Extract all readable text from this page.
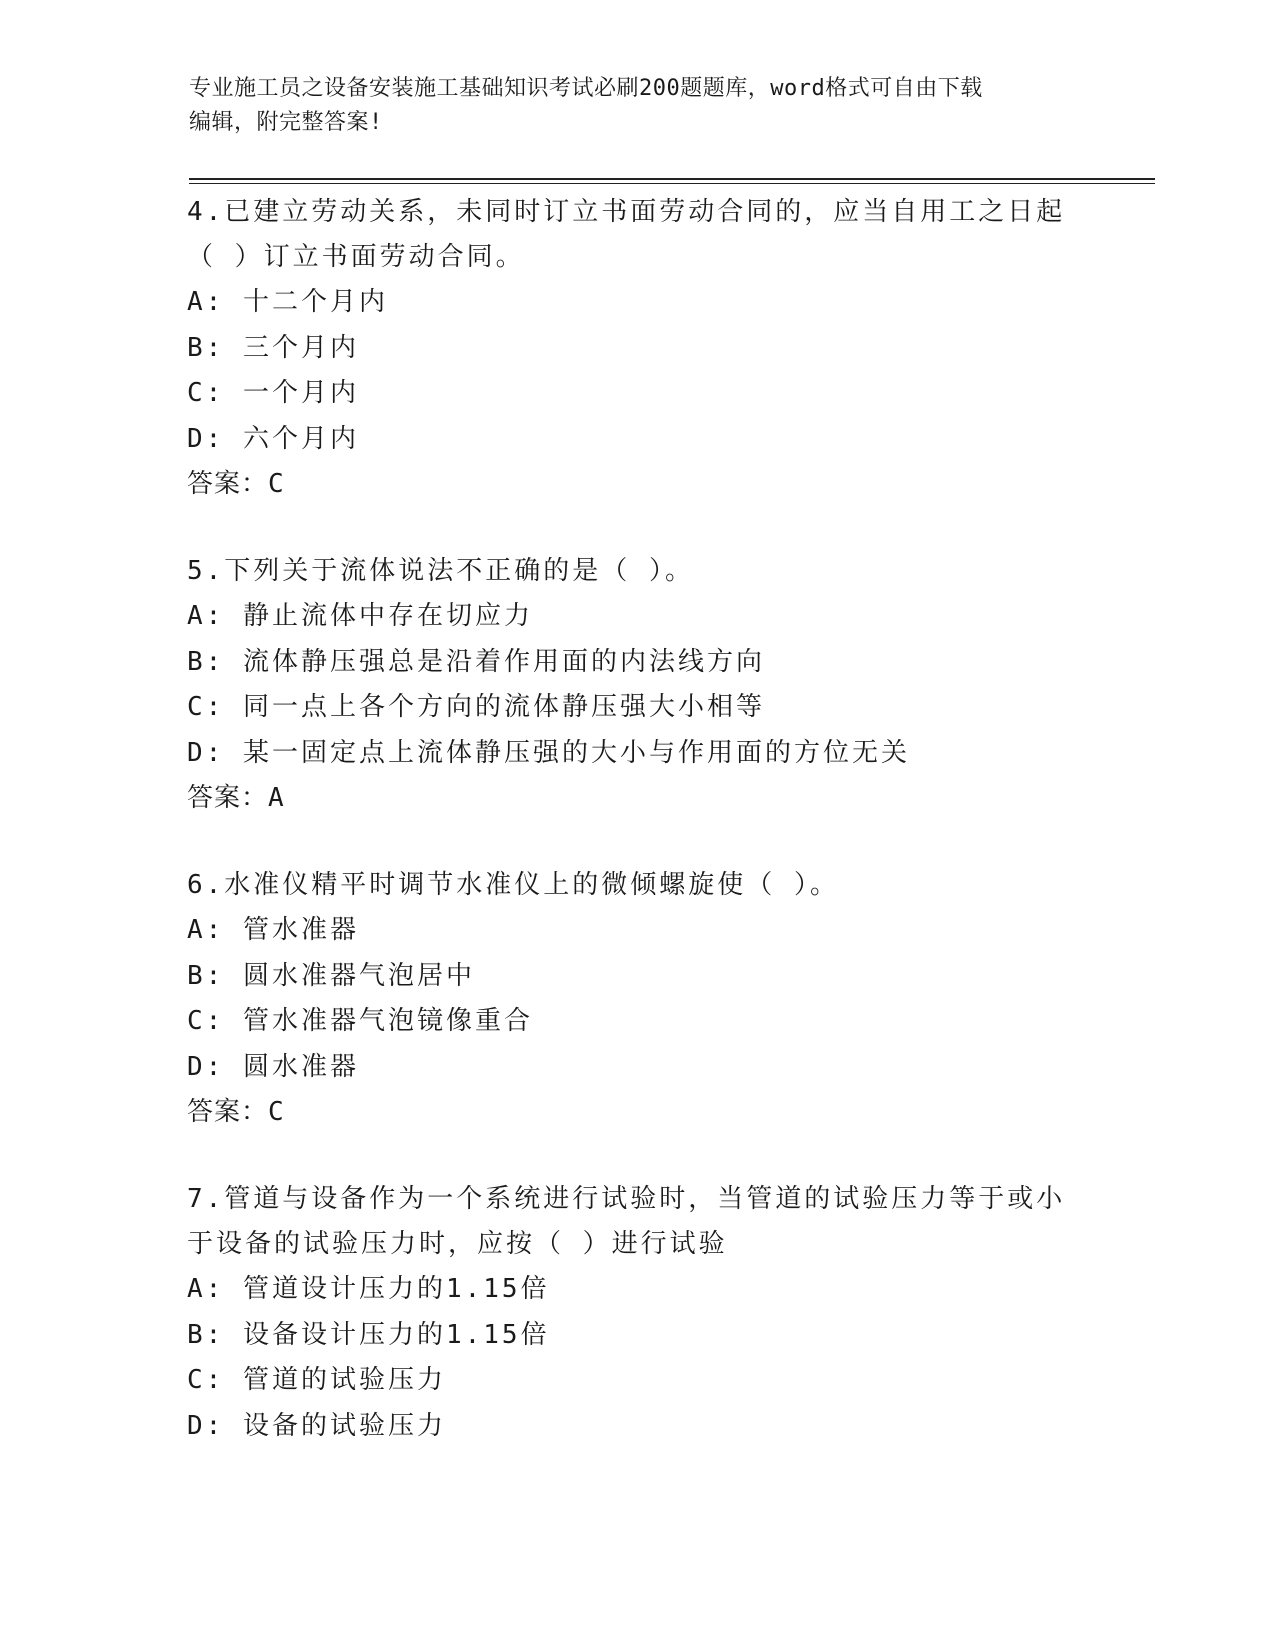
专业施工员之设备安装施工基础知识考试必刷200题题库，word格式可自由下载
编辑，附完整答案!
4.已建立劳动关系，未同时订立书面劳动合同的，应当自用工之日起
（ ）订立书面劳动合同。
A: 十二个月内
B: 三个月内
C: 一个月内
D: 六个月内
答案：C
5.下列关于流体说法不正确的是（ ）。
A: 静止流体中存在切应力
B: 流体静压强总是沿着作用面的内法线方向
C: 同一点上各个方向的流体静压强大小相等
D: 某一固定点上流体静压强的大小与作用面的方位无关
答案：A
6.水准仪精平时调节水准仪上的微倾螺旋使（ ）。
A: 管水准器
B: 圆水准器气泡居中
C: 管水准器气泡镜像重合
D: 圆水准器
答案：C
7.管道与设备作为一个系统进行试验时，当管道的试验压力等于或小
于设备的试验压力时，应按（ ）进行试验
A: 管道设计压力的1.15倍
B: 设备设计压力的1.15倍
C: 管道的试验压力
D: 设备的试验压力
